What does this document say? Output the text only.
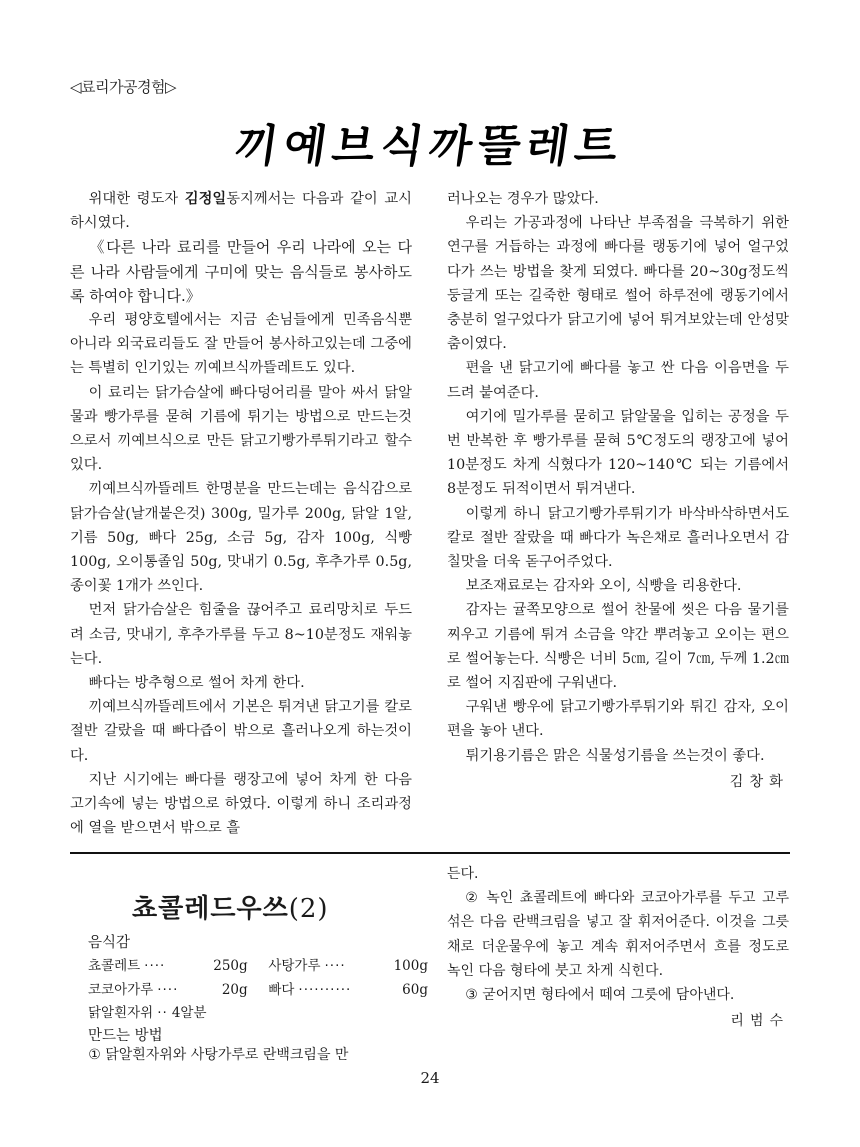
◁료리가공경험▷
끼예브식까뜰레트

위대한 령도자 김정일동지께서는 다음과 같이 교시하시였다.

《다른 나라 료리를 만들어 우리 나라에 오는 다른 나라 사람들에게 구미에 맞는 음식들로 봉사하도록 하여야 합니다.》

우리 평양호텔에서는 지금 손님들에게 민족음식뿐 아니라 외국료리들도 잘 만들어 봉사하고있는데 그중에는 특별히 인기있는 끼예브식까뜰레트도 있다.

이 료리는 닭가슴살에 빠다덩어리를 말아 싸서 닭알물과 빵가루를 묻혀 기름에 튀기는 방법으로 만드는것으로서 끼예브식으로 만든 닭고기빵가루튀기라고 할수 있다.

끼예브식까뜰레트 한명분을 만드는데는 음식감으로 닭가슴살(날개붙은것) 300g, 밀가루 200g, 닭알 1알, 기름 50g, 빠다 25g, 소금 5g, 감자 100g, 식빵 100g, 오이통졸임 50g, 맛내기 0.5g, 후추가루 0.5g, 종이꽃 1개가 쓰인다.

먼저 닭가슴살은 힘줄을 끊어주고 료리망치로 두드려 소금, 맛내기, 후추가루를 두고 8~10분정도 재워놓는다.

빠다는 방추형으로 썰어 차게 한다.

끼예브식까뜰레트에서 기본은 튀겨낸 닭고기를 칼로 절반 갈랐을 때 빠다즙이 밖으로 흘러나오게 하는것이다.

지난 시기에는 빠다를 랭장고에 넣어 차게 한 다음 고기속에 넣는 방법으로 하였다. 이렇게 하니 조리과정에 열을 받으면서 밖으로 흘

러나오는 경우가 많았다.

우리는 가공과정에 나타난 부족점을 극복하기 위한 연구를 거듭하는 과정에 빠다를 랭동기에 넣어 얼구었다가 쓰는 방법을 찾게 되였다. 빠다를 20~30g정도씩 둥글게 또는 길죽한 형태로 썰어 하루전에 랭동기에서 충분히 얼구었다가 닭고기에 넣어 튀겨보았는데 안성맞춤이였다.

편을 낸 닭고기에 빠다를 놓고 싼 다음 이음면을 두드려 붙여준다.

여기에 밀가루를 묻히고 닭알물을 입히는 공정을 두번 반복한 후 빵가루를 묻혀 5℃정도의 랭장고에 넣어 10분정도 차게 식혔다가 120~140℃ 되는 기름에서 8분정도 뒤적이면서 튀겨낸다.

이렇게 하니 닭고기빵가루튀기가 바삭바삭하면서도 칼로 절반 잘랐을 때 빠다가 녹은채로 흘러나오면서 감칠맛을 더욱 돋구어주었다.

보조재료로는 감자와 오이, 식빵을 리용한다.

감자는 귤쪽모양으로 썰어 찬물에 씻은 다음 물기를 찌우고 기름에 튀겨 소금을 약간 뿌려놓고 오이는 편으로 썰어놓는다. 식빵은 너비 5㎝, 길이 7㎝, 두께 1.2㎝로 썰어 지짐판에 구워낸다.

구워낸 빵우에 닭고기빵가루튀기와 튀긴 감자, 오이편을 놓아 낸다.

튀기용기름은 맑은 식물성기름을 쓰는것이 좋다.

김창화

쵸콜레드우쓰(2)
음식감
쵸콜레트 ····	250g 사탕가루 ····	100g
코코아가루 ····	20g 빠다 ··········	60g
닭알흰자위 ·· 4알분
만드는 방법
① 닭알흰자위와 사탕가루로 란백크림을 만

든다.

② 녹인 쵸콜레트에 빠다와 코코아가루를 두고 고루 섞은 다음 란백크림을 넣고 잘 휘저어준다. 이것을 그릇채로 더운물우에 놓고 계속 휘저어주면서 흐를 정도로 녹인 다음 형타에 붓고 차게 식힌다.

③ 굳어지면 형타에서 떼여 그릇에 담아낸다.

리범수

24
